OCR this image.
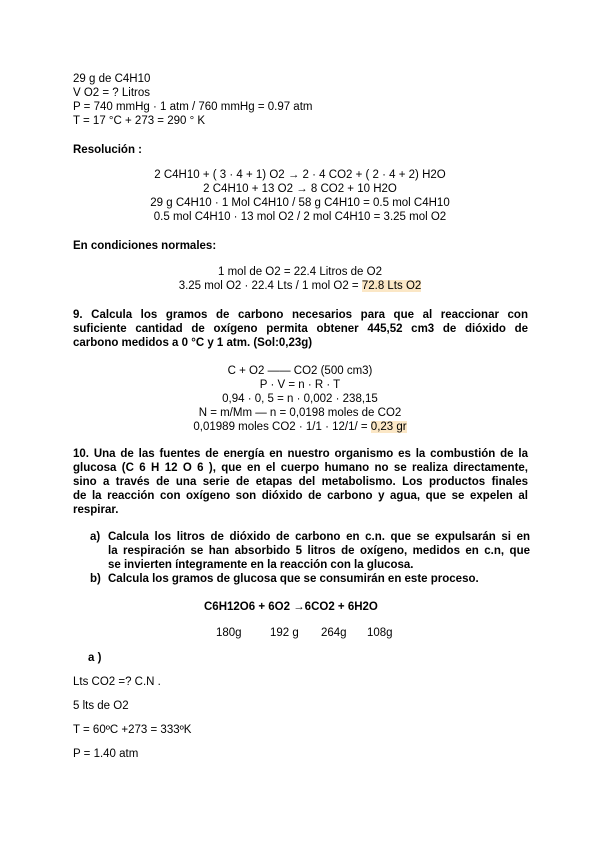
29 g de C4H10
V O2 = ? Litros
P = 740 mmHg · 1 atm / 760 mmHg = 0.97 atm
T = 17 °C + 273 = 290 ° K
Resolución :
2 C4H10 + ( 3 · 4 + 1) O2 → 2 · 4 CO2 + ( 2 · 4 + 2) H2O
2 C4H10 + 13 O2 → 8 CO2 + 10 H2O
29 g C4H10 · 1 Mol C4H10 / 58 g C4H10 = 0.5 mol C4H10
0.5 mol C4H10 · 13 mol O2 / 2 mol C4H10 = 3.25 mol O2
En condiciones normales:
1 mol de O2 = 22.4 Litros de O2
3.25 mol O2 · 22.4 Lts / 1 mol O2 = 72.8 Lts O2
9. Calcula los gramos de carbono necesarios para que al reaccionar con
suficiente cantidad de oxígeno permita obtener 445,52 cm3 de dióxido de
carbono medidos a 0 °C y 1 atm. (Sol:0,23g)
C + O2 —— CO2 (500 cm3)
P · V = n · R · T
0,94 · 0, 5 = n · 0,002 · 238,15
N = m/Mm — n = 0,0198 moles de CO2
0,01989 moles CO2 · 1/1 · 12/1/ = 0,23 gr
10. Una de las fuentes de energía en nuestro organismo es la combustión de la
glucosa (C 6 H 12 O 6 ), que en el cuerpo humano no se realiza directamente,
sino a través de una serie de etapas del metabolismo. Los productos finales
de la reacción con oxígeno son dióxido de carbono y agua, que se expelen al
respirar.
a) Calcula los litros de dióxido de carbono en c.n. que se expulsarán si en
la respiración se han absorbido 5 litros de oxígeno, medidos en c.n, que
se invierten íntegramente en la reacción con la glucosa.
b) Calcula los gramos de glucosa que se consumirán en este proceso.
C6H12O6 + 6O2 →6CO2 + 6H2O
180g 192 g 264g 108g
a )
Lts CO2 =? C.N .
5 lts de O2
T = 60ºC +273 = 333ºK
P = 1.40 atm
